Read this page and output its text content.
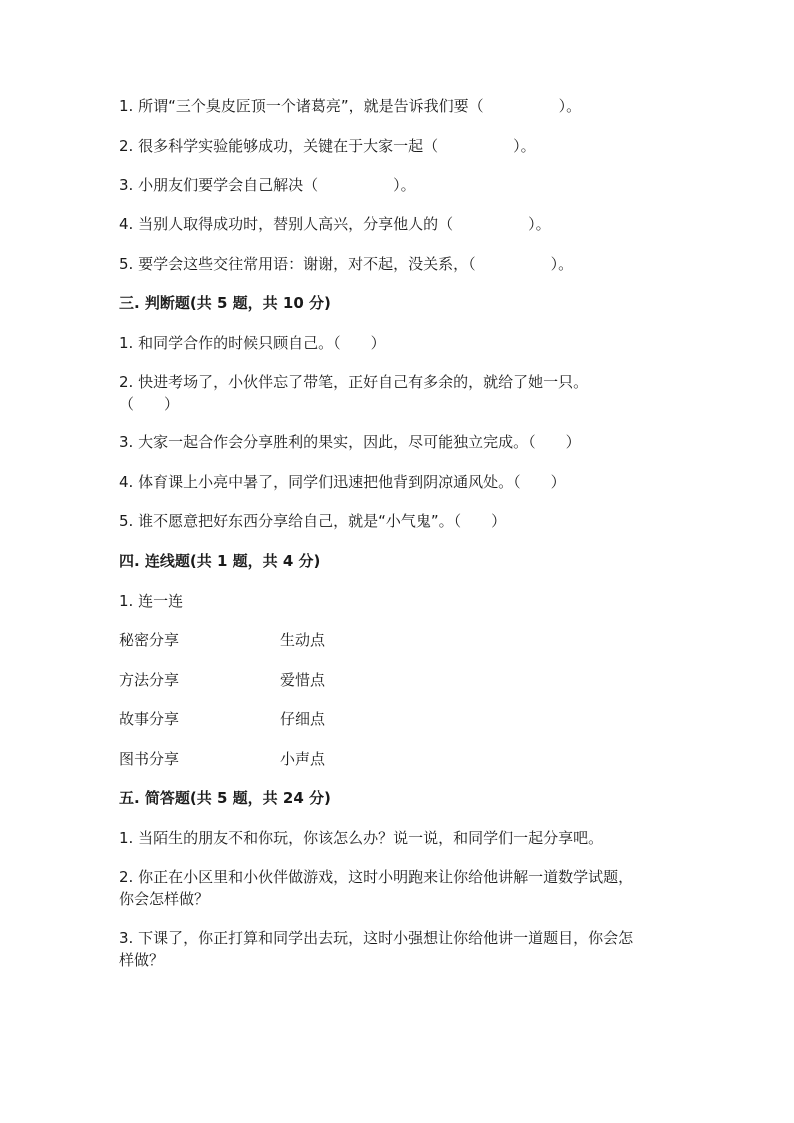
1. 所谓“三个臭皮匠顶一个诸葛亮”，就是告诉我们要（　　　　　）。
2. 很多科学实验能够成功，关键在于大家一起（　　　　　）。
3. 小朋友们要学会自己解决（　　　　　）。
4. 当别人取得成功时，替别人高兴，分享他人的（　　　　　）。
5. 要学会这些交往常用语：谢谢，对不起，没关系，（　　　　　）。
三. 判断题(共 5 题，共 10 分)
1. 和同学合作的时候只顾自己。（　　）
2. 快进考场了，小伙伴忘了带笔，正好自己有多余的，就给了她一只。
（　　）
3. 大家一起合作会分享胜利的果实，因此，尽可能独立完成。（　　）
4. 体育课上小亮中暑了，同学们迅速把他背到阴凉通风处。（　　）
5. 谁不愿意把好东西分享给自己，就是“小气鬼”。（　　）
四. 连线题(共 1 题，共 4 分)
1. 连一连
秘密分享	生动点
方法分享	爱惜点
故事分享	仔细点
图书分享	小声点
五. 简答题(共 5 题，共 24 分)
1. 当陌生的朋友不和你玩，你该怎么办？说一说，和同学们一起分享吧。
2. 你正在小区里和小伙伴做游戏，这时小明跑来让你给他讲解一道数学试题，
你会怎样做？
3. 下课了，你正打算和同学出去玩，这时小强想让你给他讲一道题目，你会怎
样做？
